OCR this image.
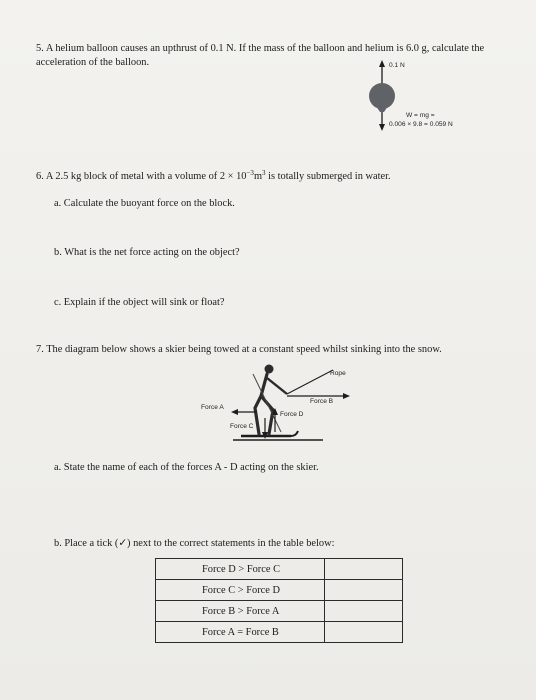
5. A helium balloon causes an upthrust of 0.1 N. If the mass of the balloon and helium is 6.0 g, calculate the
acceleration of the balloon.	0.1 N
W = mg =
0.006 × 9.8 = 0.059 N
6. A 2.5 kg block of metal with a volume of $2 \times 10^{-3}m^3$ is totally submerged in water.
a. Calculate the buoyant force on the block.
b. What is the net force acting on the object?
c. Explain if the object will sink or float?
7. The diagram below shows a skier being towed at a constant speed whilst sinking into the snow.
Rope
Force B
Force A
Force D
Force C
a. State the name of each of the forces A - D acting on the skier.
b. Place a tick (✓) next to the correct statements in the table below:
Force D > Force C	
Force C > Force D	
Force B > Force A	
Force A = Force B	
